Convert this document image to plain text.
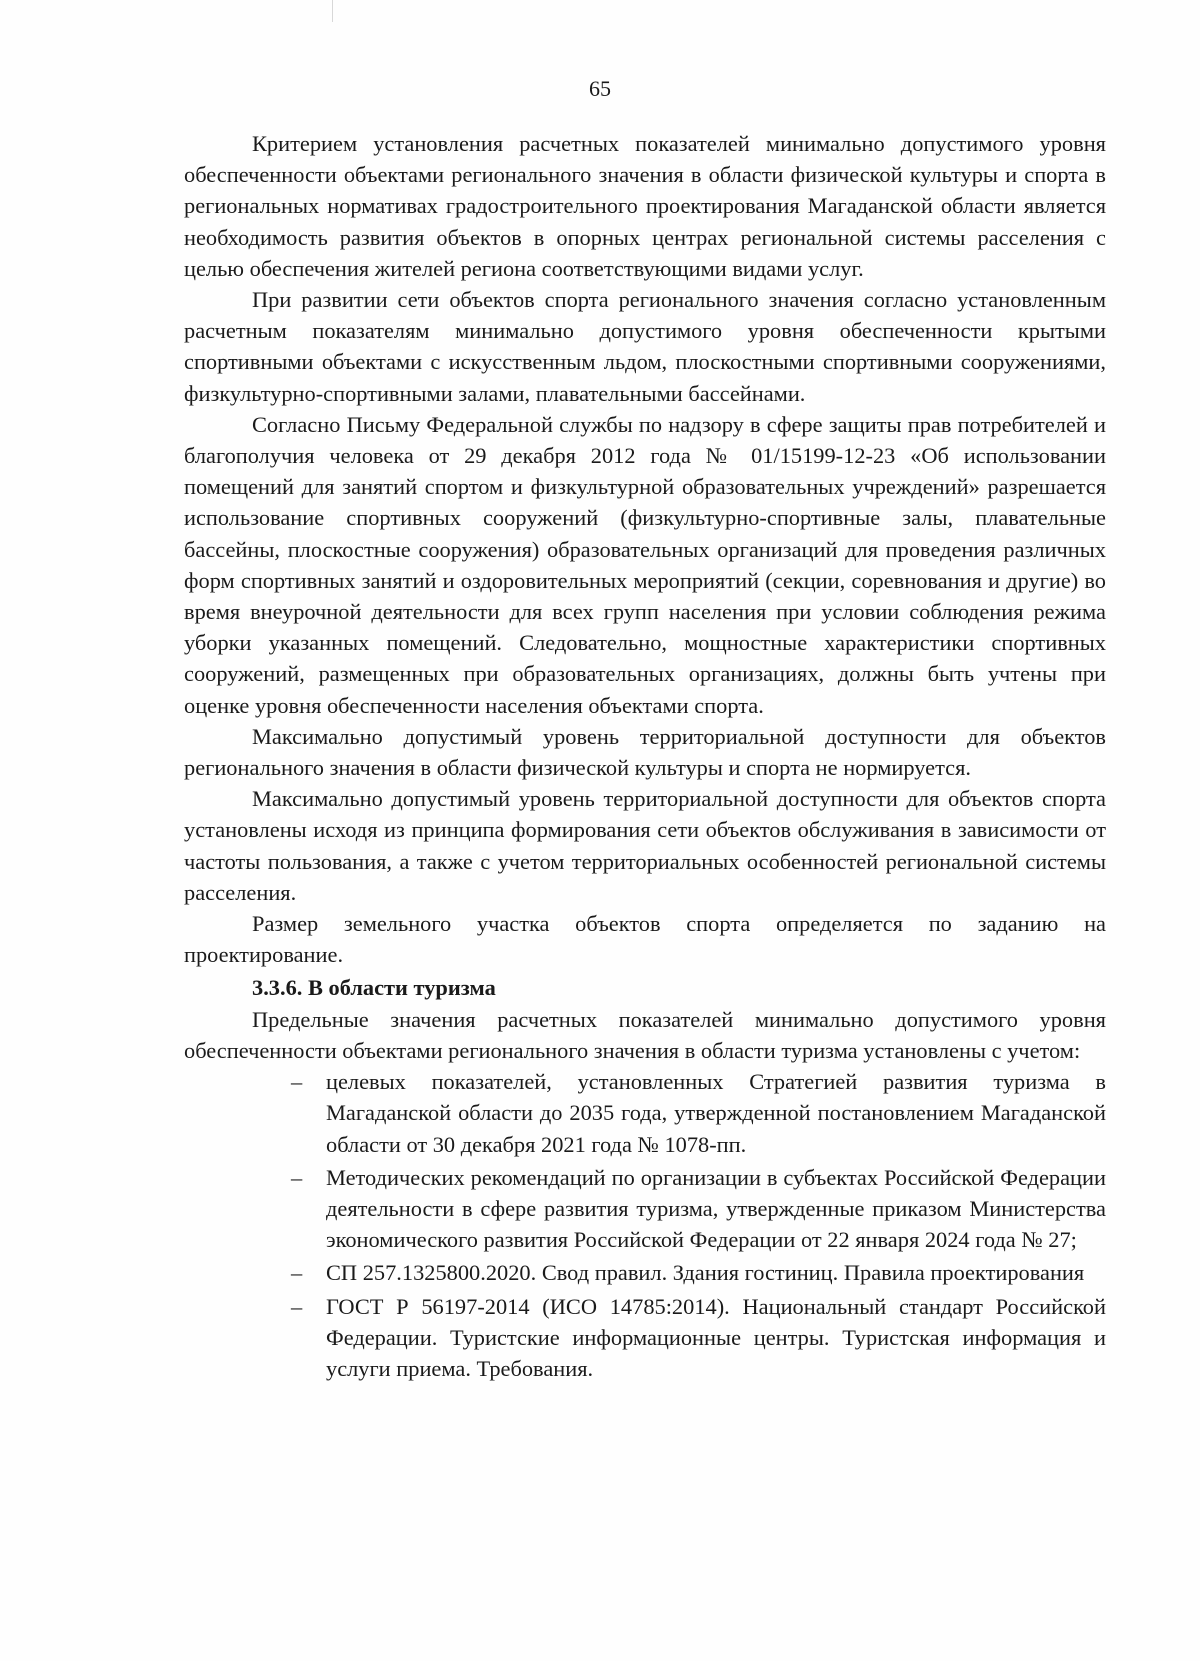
65

Критерием установления расчетных показателей минимально допустимого уровня обеспеченности объектами регионального значения в области физической культуры и спорта в региональных нормативах градостроительного проектирования Магаданской области является необходимость развития объектов в опорных центрах региональной системы расселения с целью обеспечения жителей региона соответствующими видами услуг.

При развитии сети объектов спорта регионального значения согласно установленным расчетным показателям минимально допустимого уровня обеспеченности крытыми спортивными объектами с искусственным льдом, плоскостными спортивными сооружениями, физкультурно-спортивными залами, плавательными бассейнами.

Согласно Письму Федеральной службы по надзору в сфере защиты прав потребителей и благополучия человека от 29 декабря 2012 года № 01/15199-12-23 «Об использовании помещений для занятий спортом и физкультурной образовательных учреждений» разрешается использование спортивных сооружений (физкультурно-спортивные залы, плавательные бассейны, плоскостные сооружения) образовательных организаций для проведения различных форм спортивных занятий и оздоровительных мероприятий (секции, соревнования и другие) во время внеурочной деятельности для всех групп населения при условии соблюдения режима уборки указанных помещений. Следовательно, мощностные характеристики спортивных сооружений, размещенных при образовательных организациях, должны быть учтены при оценке уровня обеспеченности населения объектами спорта.

Максимально допустимый уровень территориальной доступности для объектов регионального значения в области физической культуры и спорта не нормируется.

Максимально допустимый уровень территориальной доступности для объектов спорта установлены исходя из принципа формирования сети объектов обслуживания в зависимости от частоты пользования, а также с учетом территориальных особенностей региональной системы расселения.

Размер земельного участка объектов спорта определяется по заданию на проектирование.

3.3.6. В области туризма

Предельные значения расчетных показателей минимально допустимого уровня обеспеченности объектами регионального значения в области туризма установлены с учетом:

– целевых показателей, установленных Стратегией развития туризма в Магаданской области до 2035 года, утвержденной постановлением Магаданской области от 30 декабря 2021 года № 1078-пп.
– Методических рекомендаций по организации в субъектах Российской Федерации деятельности в сфере развития туризма, утвержденные приказом Министерства экономического развития Российской Федерации от 22 января 2024 года № 27;
– СП 257.1325800.2020. Свод правил. Здания гостиниц. Правила проектирования
– ГОСТ Р 56197-2014 (ИСО 14785:2014). Национальный стандарт Российской Федерации. Туристские информационные центры. Туристская информация и услуги приема. Требования.
